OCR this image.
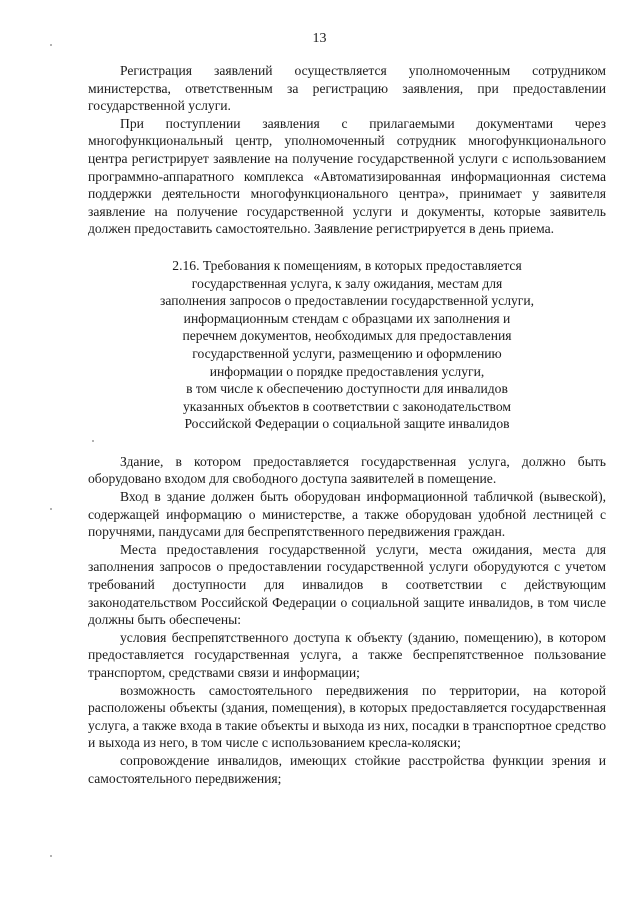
13

Регистрация заявлений осуществляется уполномоченным сотрудником министерства, ответственным за регистрацию заявления, при предоставлении государственной услуги.

При поступлении заявления с прилагаемыми документами через многофункциональный центр, уполномоченный сотрудник многофункционального центра регистрирует заявление на получение государственной услуги с использованием программно-аппаратного комплекса «Автоматизированная информационная система поддержки деятельности многофункционального центра», принимает у заявителя заявление на получение государственной услуги и документы, которые заявитель должен предоставить самостоятельно. Заявление регистрируется в день приема.

2.16. Требования к помещениям, в которых предоставляется
государственная услуга, к залу ожидания, местам для
заполнения запросов о предоставлении государственной услуги,
информационным стендам с образцами их заполнения и
перечнем документов, необходимых для предоставления
государственной услуги, размещению и оформлению
информации о порядке предоставления услуги,
в том числе к обеспечению доступности для инвалидов
указанных объектов в соответствии с законодательством
Российской Федерации о социальной защите инвалидов

Здание, в котором предоставляется государственная услуга, должно быть оборудовано входом для свободного доступа заявителей в помещение.

Вход в здание должен быть оборудован информационной табличкой (вывеской), содержащей информацию о министерстве, а также оборудован удобной лестницей с поручнями, пандусами для беспрепятственного передвижения граждан.

Места предоставления государственной услуги, места ожидания, места для заполнения запросов о предоставлении государственной услуги оборудуются с учетом требований доступности для инвалидов в соответствии с действующим законодательством Российской Федерации о социальной защите инвалидов, в том числе должны быть обеспечены:

условия беспрепятственного доступа к объекту (зданию, помещению), в котором предоставляется государственная услуга, а также беспрепятственное пользование транспортом, средствами связи и информации;

возможность самостоятельного передвижения по территории, на которой расположены объекты (здания, помещения), в которых предоставляется государственная услуга, а также входа в такие объекты и выхода из них, посадки в транспортное средство и выхода из него, в том числе с использованием кресла-коляски;

сопровождение инвалидов, имеющих стойкие расстройства функции зрения и самостоятельного передвижения;
